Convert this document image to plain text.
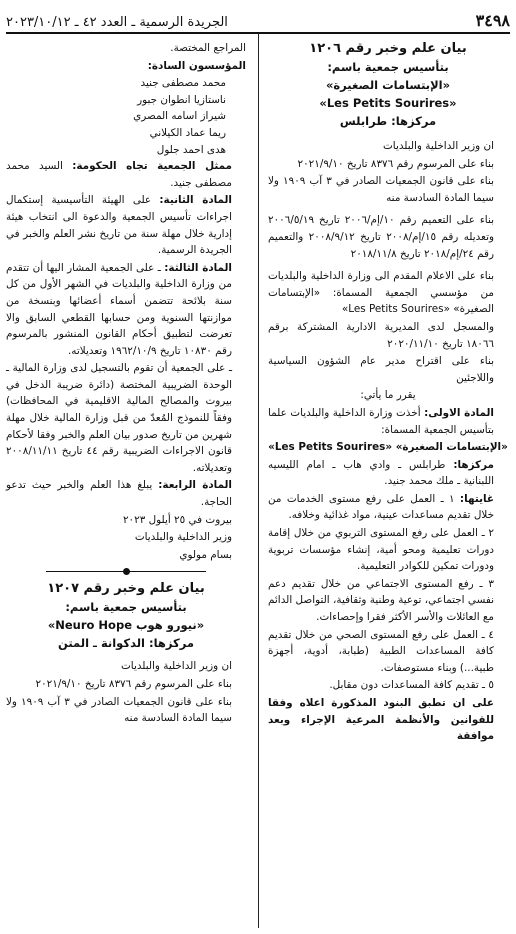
٣٤٩٨
الجريدة الرسمية ـ العدد ٤٢ ـ ٢٠٢٣/١٠/١٢

بيان علم وخبر رقم ١٢٠٦

بتأسيس جمعية باسم:

«الإبتسامات الصغيرة»

«Les Petits Sourires»

مركزها: طرابلس

ان وزير الداخلية والبلديات

بناء على المرسوم رقم ٨٣٧٦ تاريخ ٢٠٢١/٩/١٠

بناء على قانون الجمعيات الصادر في ٣ آب ١٩٠٩ ولا سيما المادة السادسة منه

بناء على التعميم رقم ١٠/إم/٢٠٠٦ تاريخ ٢٠٠٦/٥/١٩ وتعديله رقم ١٥/إم/٢٠٠٨ تاريخ ٢٠٠٨/٩/١٢ والتعميم رقم ٢٤/إم/٢٠١٨ تاريخ ٢٠١٨/١١/٨

بناء على الاعلام المقدم الى وزارة الداخلية والبلديات من مؤسسي الجمعية المسماة: «الإبتسامات الصغيرة» «Les Petits Sourires»

والمسجل لدى المديرية الادارية المشتركة برقم ١٨٠٦٦ تاريخ ٢٠٢٠/١١/١٠

بناء على اقتراح مدير عام الشؤون السياسية واللاجئين

يقرر ما يأتي:

المادة الاولى: أخذت وزارة الداخلية والبلديات علما بتأسيس الجمعية المسماة:

«الإبتسامات الصغيرة» «Les Petits Sourires»

مركزها: طرابلس ـ وادي هاب ـ امام الليسيه اللبنانية ـ ملك محمد جنيد.

غايتها: ١ ـ العمل على رفع مستوى الخدمات من خلال تقديم مساعدات عينية، مواد غذائية وخلافه.

٢ ـ العمل على رفع المستوى التربوي من خلال إقامة دورات تعليمية ومحو أمية، إنشاء مؤسسات تربوية ودورات تمكين للكوادر التعليمية.

٣ ـ رفع المستوى الاجتماعي من خلال تقديم دعم نفسي اجتماعي، توعية وطنية وثقافية، التواصل الدائم مع العائلات والأسر الأكثر فقرا وإحصاءات.

٤ ـ العمل على رفع المستوى الصحي من خلال تقديم كافة المساعدات الطبية (طبابة، أدوية، أجهزة طبية...) وبناء مستوصفات.

٥ ـ تقديم كافة المساعدات دون مقابل.

على ان تطبق البنود المذكورة اعلاه وفقا للقوانين والأنظمة المرعية الإجراء وبعد موافقة

المراجع المختصة.

المؤسسون السادة:

محمد مصطفى جنيد

ناستازيا انطوان جبور

شيراز اسامه المصري

ريما عماد الكيلاني

هدى احمد جلول

ممثل الجمعية تجاه الحكومة: السيد محمد مصطفى جنيد.

المادة الثانية: على الهيئة التأسيسية إستكمال اجراءات تأسيس الجمعية والدعوة الى انتخاب هيئة إدارية خلال مهلة سنة من تاريخ نشر العلم والخبر في الجريدة الرسمية.

المادة الثالثة: ـ على الجمعية المشار اليها أن تتقدم من وزارة الداخلية والبلديات في الشهر الأول من كل سنة بلائحة تتضمن أسماء أعضائها وبنسخة من موازنتها السنوية ومن حسابها القطعي السابق والا تعرضت لتطبيق أحكام القانون المنشور بالمرسوم رقم ١٠٨٣٠ تاريخ ١٩٦٢/١٠/٩ وتعديلاته.

ـ على الجمعية أن تقوم بالتسجيل لدى وزارة المالية ـ الوحدة الضريبية المختصة (دائرة ضريبة الدخل في بيروت والمصالح المالية الاقليمية في المحافظات) وفقاً للنموذج المُعدّ من قبل وزارة المالية خلال مهلة شهرين من تاريخ صدور بيان العلم والخبر وفقا لأحكام قانون الاجراءات الضريبية رقم ٤٤ تاريخ ٢٠٠٨/١١/١١ وتعديلاته.

المادة الرابعة: يبلغ هذا العلم والخبر حيث تدعو الحاجة.

بيروت في ٢٥ أيلول ٢٠٢٣

وزير الداخلية والبلديات

بسام مولوي

بيان علم وخبر رقم ١٢٠٧

بتأسيس جمعية باسم:

«نيورو هوب Neuro Hope»

مركزها: الدكوانة ـ المتن

ان وزير الداخلية والبلديات

بناء على المرسوم رقم ٨٣٧٦ تاريخ ٢٠٢١/٩/١٠

بناء على قانون الجمعيات الصادر في ٣ آب ١٩٠٩ ولا سيما المادة السادسة منه
